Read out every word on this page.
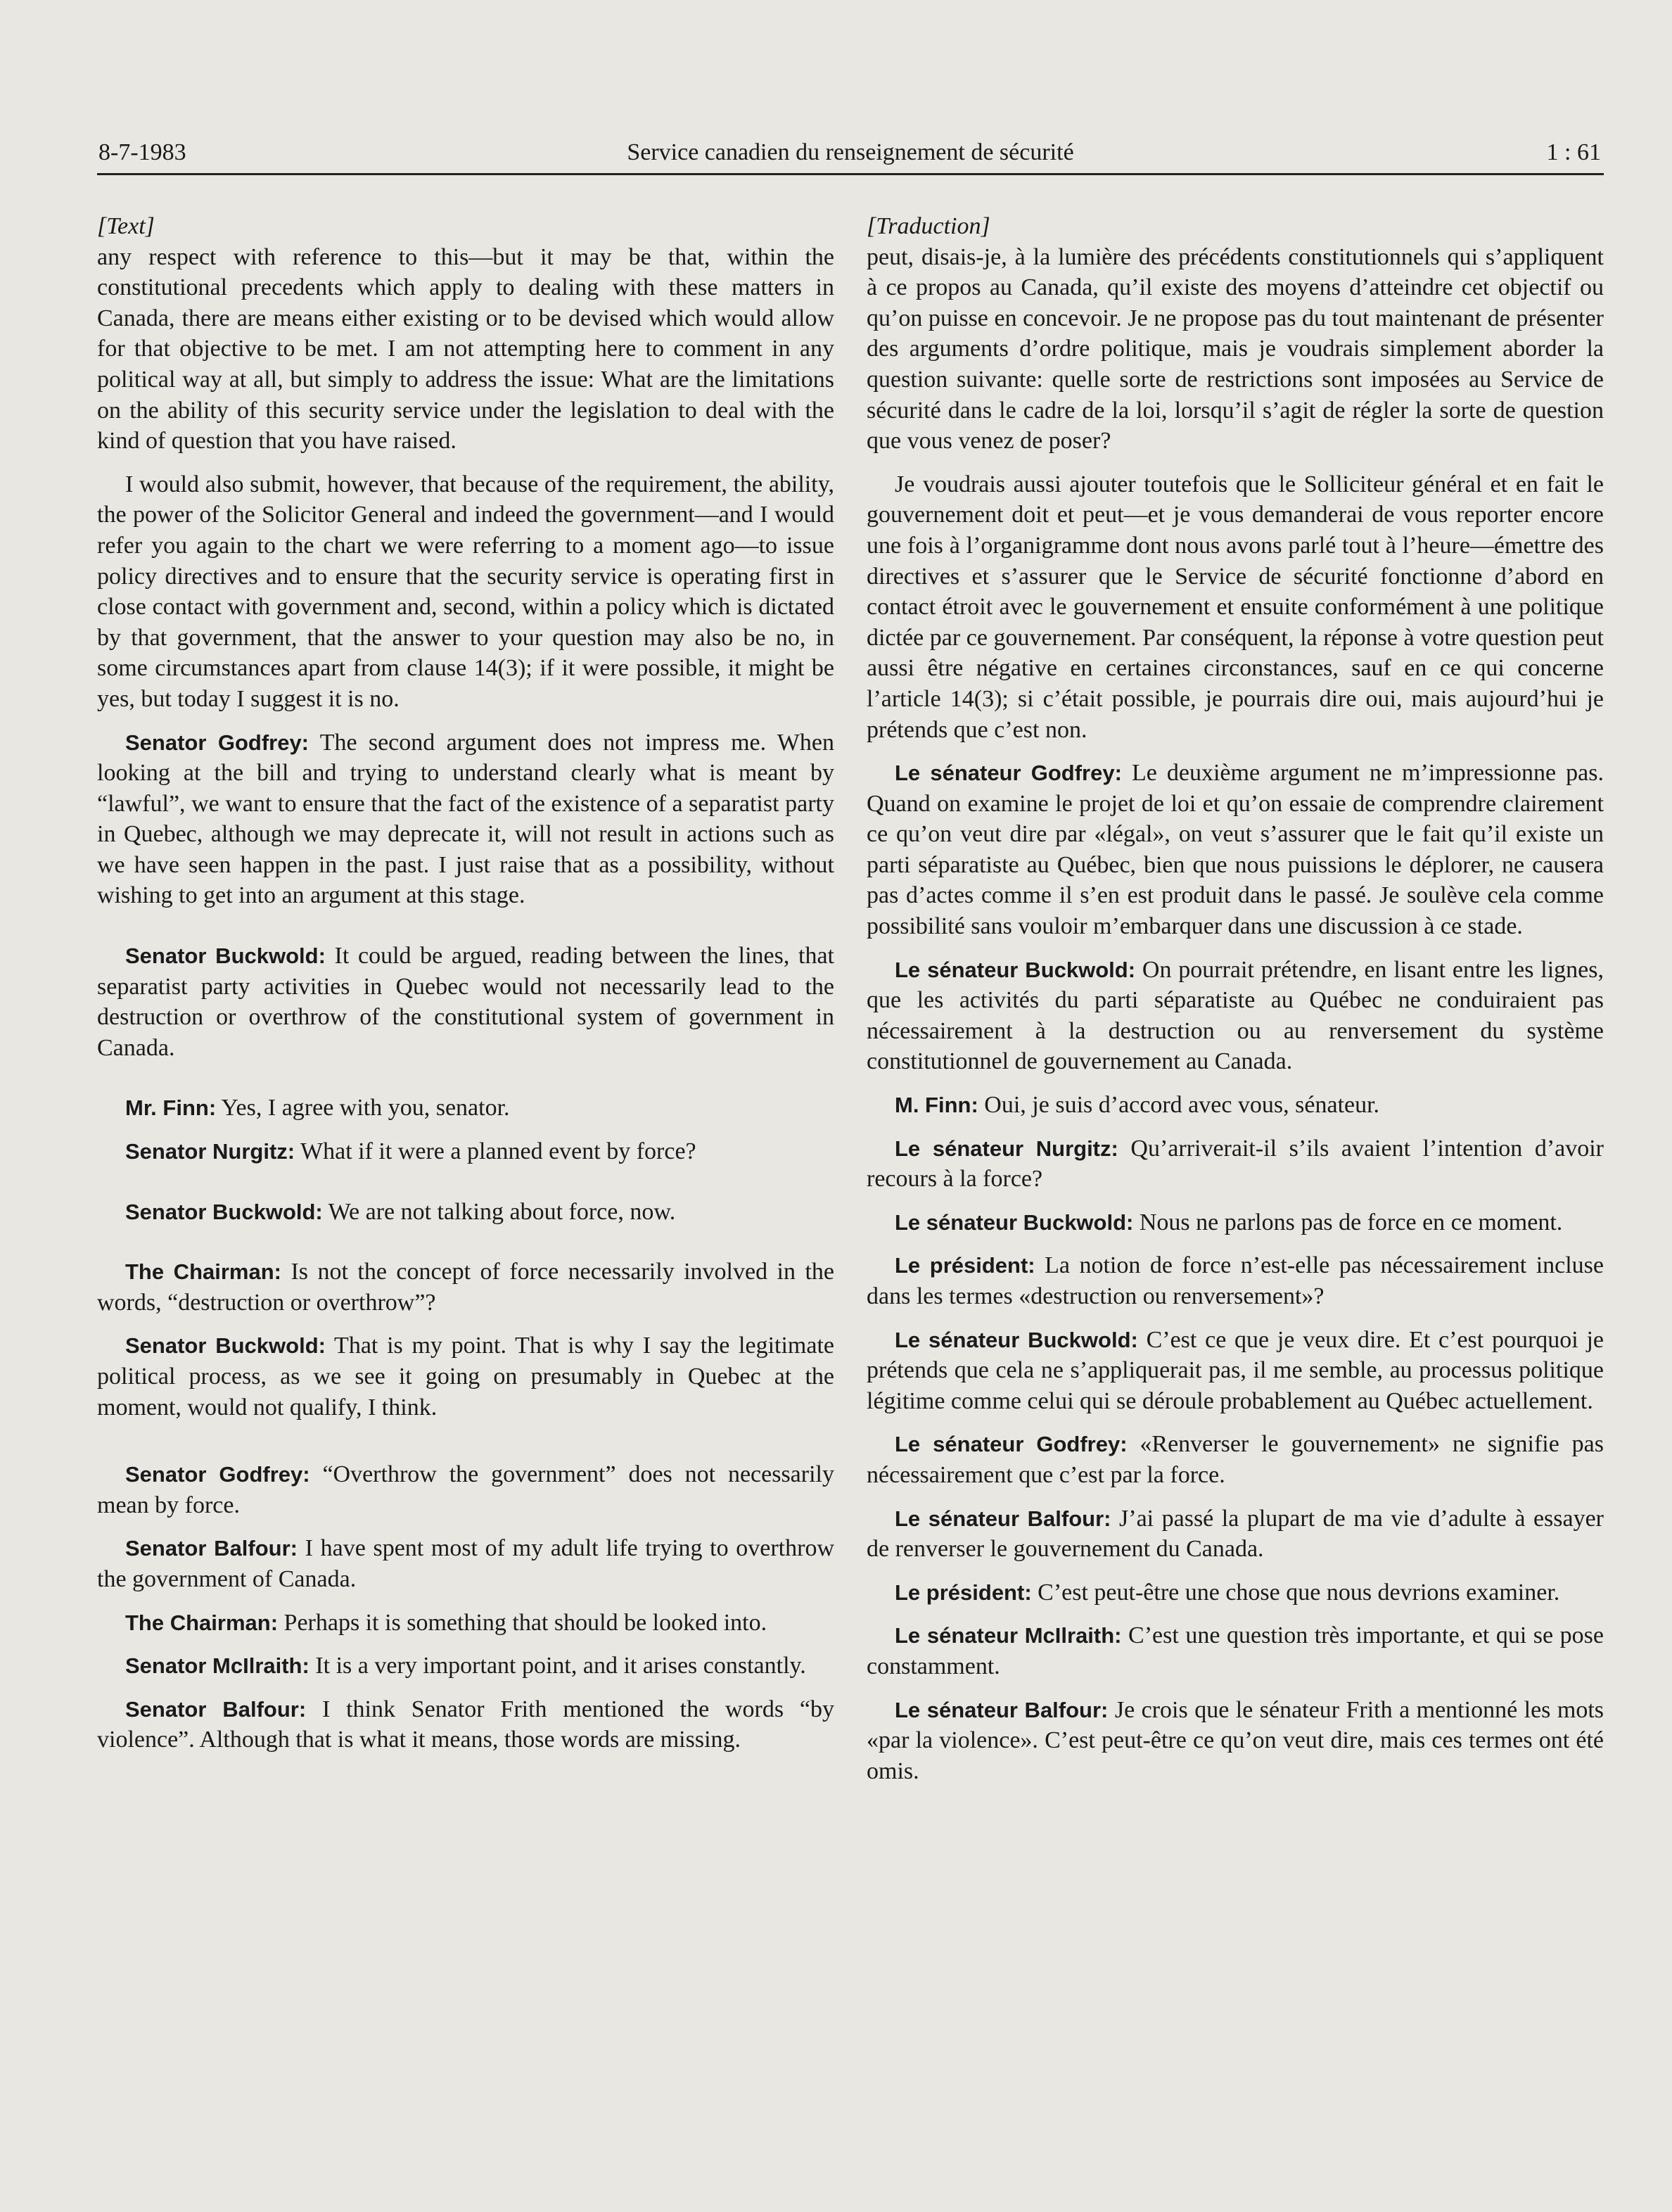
8-7-1983	Service canadien du renseignement de sécurité	1 : 61
[Text]

any respect with reference to this—but it may be that, within the constitutional precedents which apply to dealing with these matters in Canada, there are means either existing or to be devised which would allow for that objective to be met. I am not attempting here to comment in any political way at all, but simply to address the issue: What are the limitations on the ability of this security service under the legislation to deal with the kind of question that you have raised.

I would also submit, however, that because of the requirement, the ability, the power of the Solicitor General and indeed the government—and I would refer you again to the chart we were referring to a moment ago—to issue policy directives and to ensure that the security service is operating first in close contact with government and, second, within a policy which is dictated by that government, that the answer to your question may also be no, in some circumstances apart from clause 14(3); if it were possible, it might be yes, but today I suggest it is no.

Senator Godfrey: The second argument does not impress me. When looking at the bill and trying to understand clearly what is meant by “lawful”, we want to ensure that the fact of the existence of a separatist party in Quebec, although we may deprecate it, will not result in actions such as we have seen happen in the past. I just raise that as a possibility, without wishing to get into an argument at this stage.

Senator Buckwold: It could be argued, reading between the lines, that separatist party activities in Quebec would not necessarily lead to the destruction or overthrow of the constitutional system of government in Canada.

Mr. Finn: Yes, I agree with you, senator.

Senator Nurgitz: What if it were a planned event by force?

Senator Buckwold: We are not talking about force, now.

The Chairman: Is not the concept of force necessarily involved in the words, “destruction or overthrow”?

Senator Buckwold: That is my point. That is why I say the legitimate political process, as we see it going on presumably in Quebec at the moment, would not qualify, I think.

Senator Godfrey: “Overthrow the government” does not necessarily mean by force.

Senator Balfour: I have spent most of my adult life trying to overthrow the government of Canada.

The Chairman: Perhaps it is something that should be looked into.

Senator McIlraith: It is a very important point, and it arises constantly.

Senator Balfour: I think Senator Frith mentioned the words “by violence”. Although that is what it means, those words are missing.

[Traduction]

peut, disais-je, à la lumière des précédents constitutionnels qui s’appliquent à ce propos au Canada, qu’il existe des moyens d’atteindre cet objectif ou qu’on puisse en concevoir. Je ne propose pas du tout maintenant de présenter des arguments d’ordre politique, mais je voudrais simplement aborder la question suivante: quelle sorte de restrictions sont imposées au Service de sécurité dans le cadre de la loi, lorsqu’il s’agit de régler la sorte de question que vous venez de poser?

Je voudrais aussi ajouter toutefois que le Solliciteur général et en fait le gouvernement doit et peut—et je vous demanderai de vous reporter encore une fois à l’organigramme dont nous avons parlé tout à l’heure—émettre des directives et s’assurer que le Service de sécurité fonctionne d’abord en contact étroit avec le gouvernement et ensuite conformément à une politique dictée par ce gouvernement. Par conséquent, la réponse à votre question peut aussi être négative en certaines circonstances, sauf en ce qui concerne l’article 14(3); si c’était possible, je pourrais dire oui, mais aujourd’hui je prétends que c’est non.

Le sénateur Godfrey: Le deuxième argument ne m’impressionne pas. Quand on examine le projet de loi et qu’on essaie de comprendre clairement ce qu’on veut dire par «légal», on veut s’assurer que le fait qu’il existe un parti séparatiste au Québec, bien que nous puissions le déplorer, ne causera pas d’actes comme il s’en est produit dans le passé. Je soulève cela comme possibilité sans vouloir m’embarquer dans une discussion à ce stade.

Le sénateur Buckwold: On pourrait prétendre, en lisant entre les lignes, que les activités du parti séparatiste au Québec ne conduiraient pas nécessairement à la destruction ou au renversement du système constitutionnel de gouvernement au Canada.

M. Finn: Oui, je suis d’accord avec vous, sénateur.

Le sénateur Nurgitz: Qu’arriverait-il s’ils avaient l’intention d’avoir recours à la force?

Le sénateur Buckwold: Nous ne parlons pas de force en ce moment.

Le président: La notion de force n’est-elle pas nécessairement incluse dans les termes «destruction ou renversement»?

Le sénateur Buckwold: C’est ce que je veux dire. Et c’est pourquoi je prétends que cela ne s’appliquerait pas, il me semble, au processus politique légitime comme celui qui se déroule probablement au Québec actuellement.

Le sénateur Godfrey: «Renverser le gouvernement» ne signifie pas nécessairement que c’est par la force.

Le sénateur Balfour: J’ai passé la plupart de ma vie d’adulte à essayer de renverser le gouvernement du Canada.

Le président: C’est peut-être une chose que nous devrions examiner.

Le sénateur McIlraith: C’est une question très importante, et qui se pose constamment.

Le sénateur Balfour: Je crois que le sénateur Frith a mentionné les mots «par la violence». C’est peut-être ce qu’on veut dire, mais ces termes ont été omis.
